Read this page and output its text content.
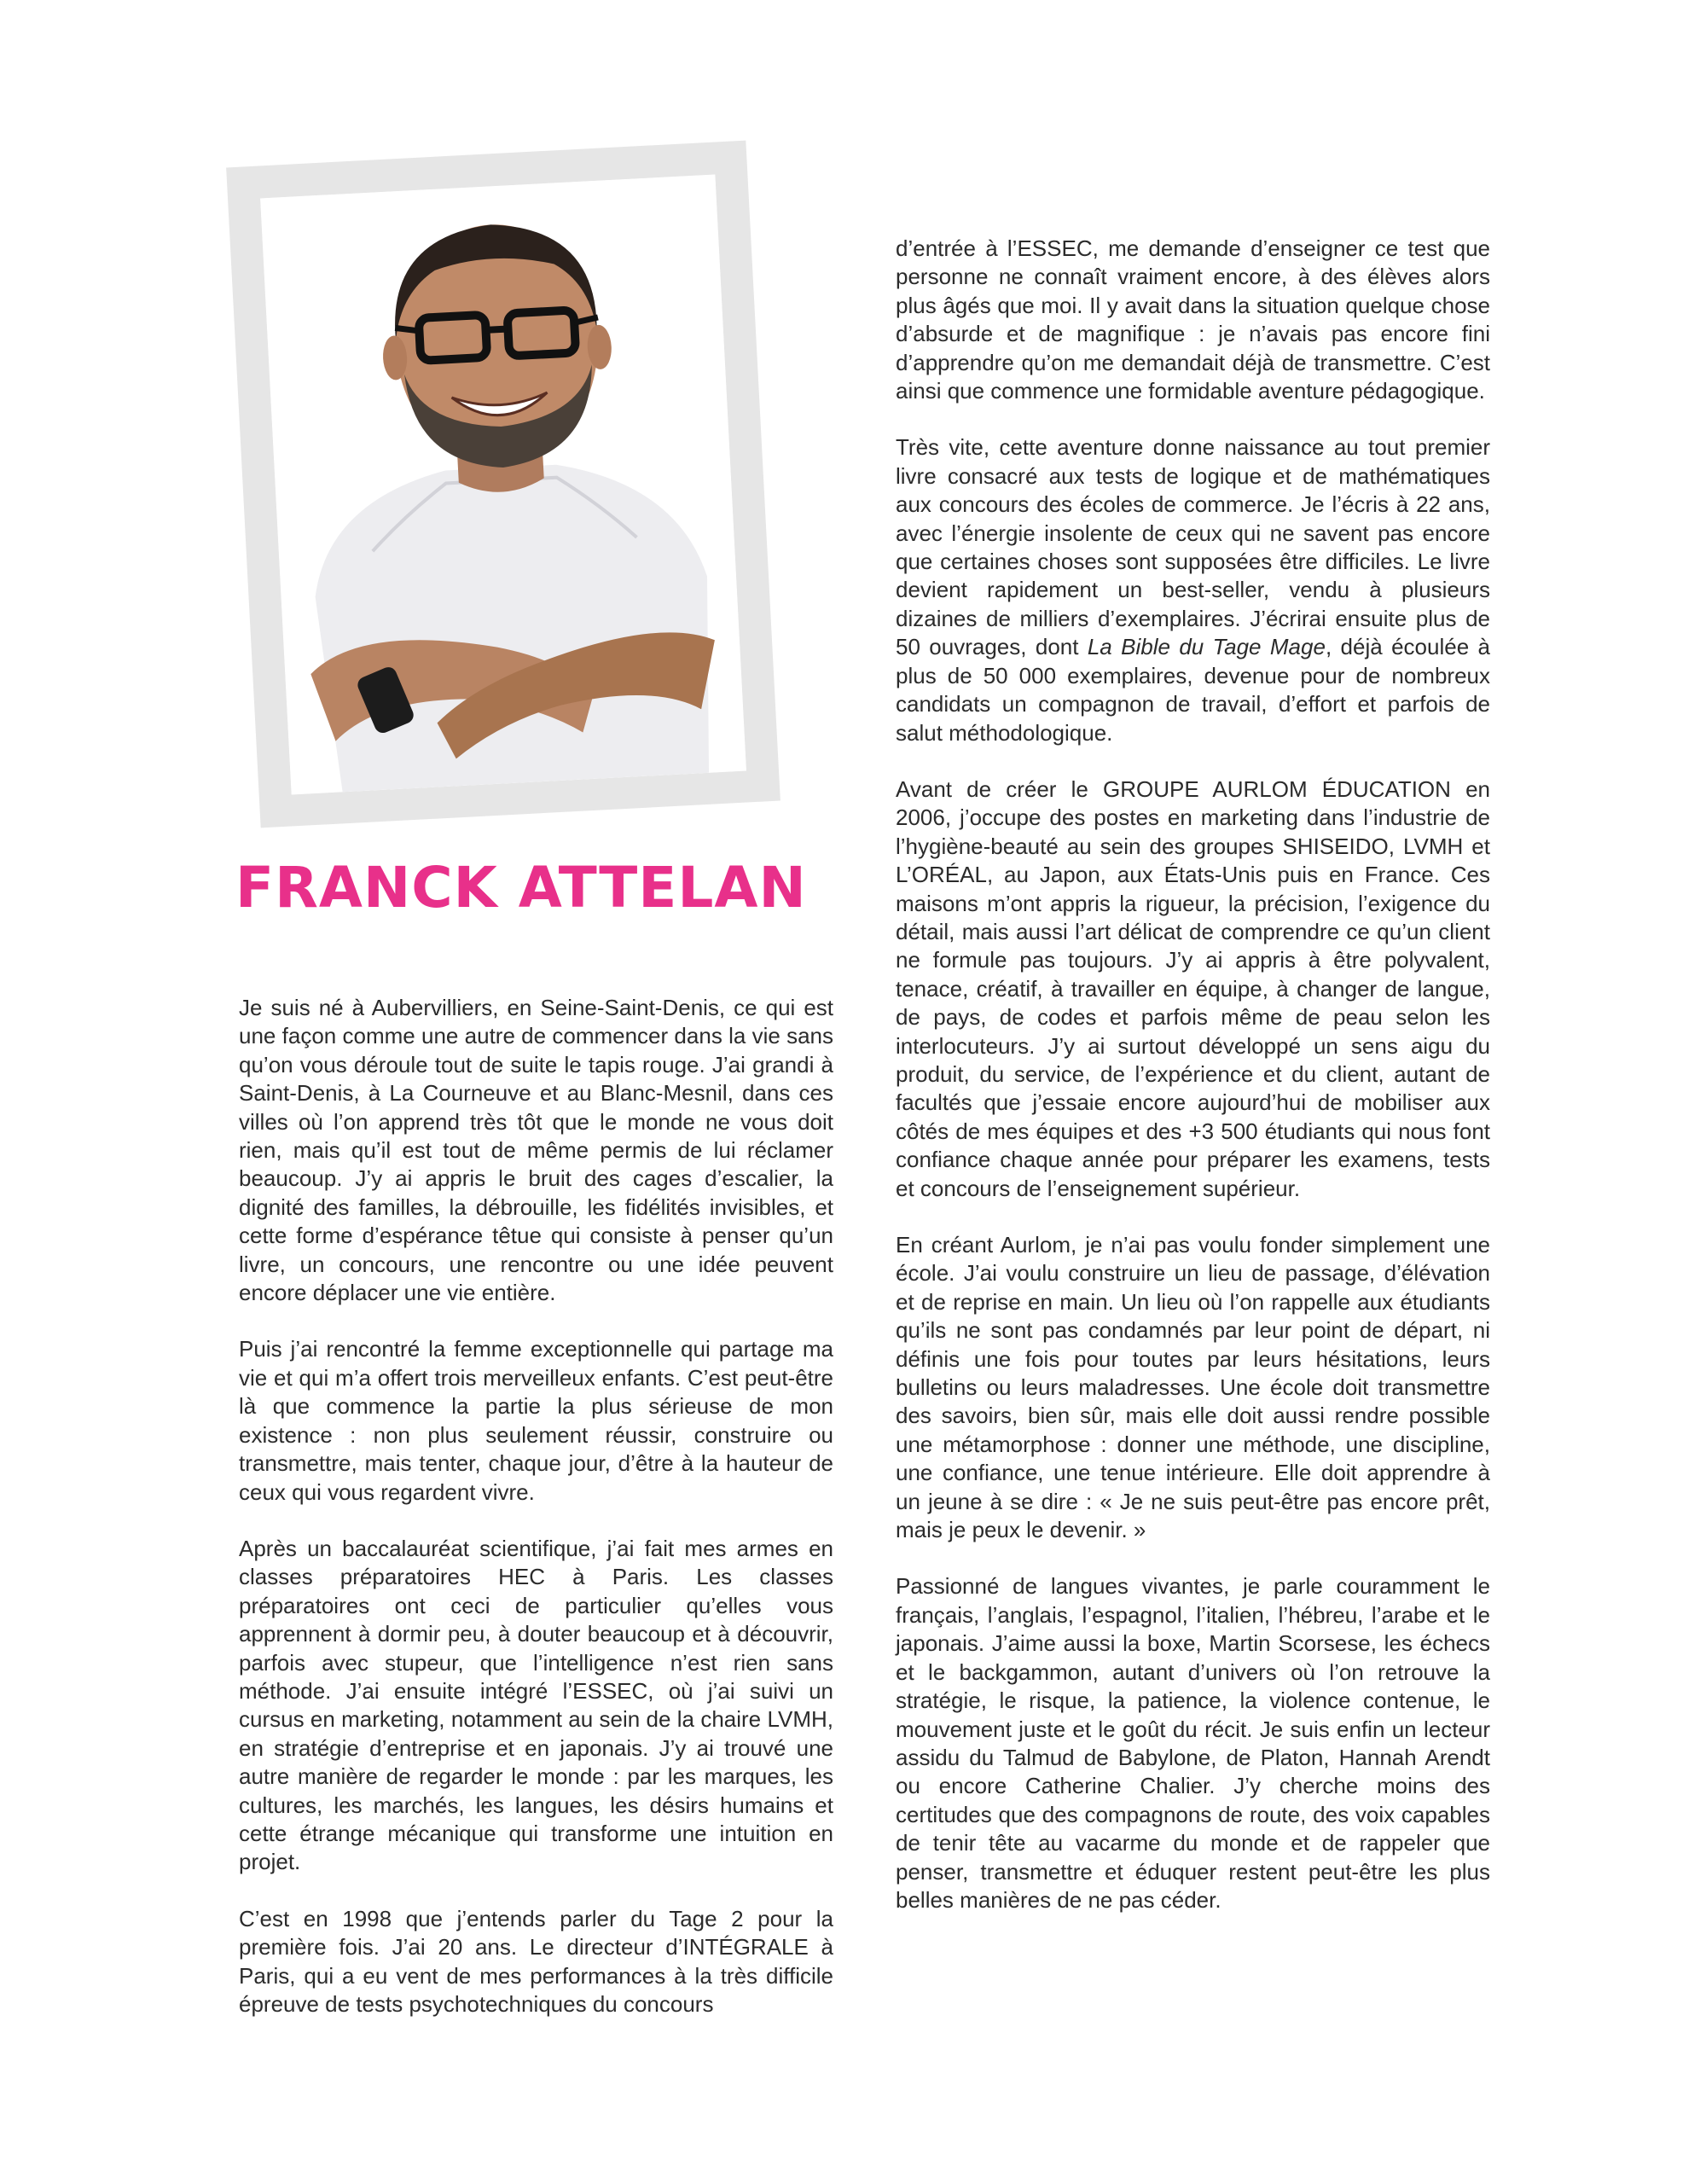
FRANCK ATTELAN

Je suis né à Aubervilliers, en Seine-Saint-Denis, ce qui est une façon comme une autre de commencer dans la vie sans qu’on vous déroule tout de suite le tapis rouge. J’ai grandi à Saint-Denis, à La Courneuve et au Blanc-Mesnil, dans ces villes où l’on apprend très tôt que le monde ne vous doit rien, mais qu’il est tout de même permis de lui réclamer beaucoup. J’y ai appris le bruit des cages d’escalier, la dignité des familles, la débrouille, les fidélités invisibles, et cette forme d’espérance têtue qui consiste à penser qu’un livre, un concours, une rencontre ou une idée peuvent encore déplacer une vie entière.

Puis j’ai rencontré la femme exceptionnelle qui partage ma vie et qui m’a offert trois merveilleux enfants. C’est peut-être là que commence la partie la plus sérieuse de mon existence : non plus seulement réussir, construire ou transmettre, mais tenter, chaque jour, d’être à la hauteur de ceux qui vous regardent vivre.

Après un baccalauréat scientifique, j’ai fait mes armes en classes préparatoires HEC à Paris. Les classes préparatoires ont ceci de particulier qu’elles vous apprennent à dormir peu, à douter beaucoup et à découvrir, parfois avec stupeur, que l’intelligence n’est rien sans méthode. J’ai ensuite intégré l’ESSEC, où j’ai suivi un cursus en marketing, notamment au sein de la chaire LVMH, en stratégie d’entreprise et en japonais. J’y ai trouvé une autre manière de regarder le monde : par les marques, les cultures, les marchés, les langues, les désirs humains et cette étrange mécanique qui transforme une intuition en projet.

C’est en 1998 que j’entends parler du Tage 2 pour la première fois. J’ai 20 ans. Le directeur d’INTÉGRALE à Paris, qui a eu vent de mes performances à la très difficile épreuve de tests psychotechniques du concours

d’entrée à l’ESSEC, me demande d’enseigner ce test que personne ne connaît vraiment encore, à des élèves alors plus âgés que moi. Il y avait dans la situation quelque chose d’absurde et de magnifique : je n’avais pas encore fini d’apprendre qu’on me demandait déjà de transmettre. C’est ainsi que commence une formidable aventure pédagogique.

Très vite, cette aventure donne naissance au tout premier livre consacré aux tests de logique et de mathématiques aux concours des écoles de commerce. Je l’écris à 22 ans, avec l’énergie insolente de ceux qui ne savent pas encore que certaines choses sont supposées être difficiles. Le livre devient rapidement un best-seller, vendu à plusieurs dizaines de milliers d’exemplaires. J’écrirai ensuite plus de 50 ouvrages, dont La Bible du Tage Mage, déjà écoulée à plus de 50 000 exemplaires, devenue pour de nombreux candidats un compagnon de travail, d’effort et parfois de salut méthodologique.

Avant de créer le GROUPE AURLOM ÉDUCATION en 2006, j’occupe des postes en marketing dans l’industrie de l’hygiène-beauté au sein des groupes SHISEIDO, LVMH et L’ORÉAL, au Japon, aux États-Unis puis en France. Ces maisons m’ont appris la rigueur, la précision, l’exigence du détail, mais aussi l’art délicat de comprendre ce qu’un client ne formule pas toujours. J’y ai appris à être polyvalent, tenace, créatif, à travailler en équipe, à changer de langue, de pays, de codes et parfois même de peau selon les interlocuteurs. J’y ai surtout développé un sens aigu du produit, du service, de l’expérience et du client, autant de facultés que j’essaie encore aujourd’hui de mobiliser aux côtés de mes équipes et des +3 500 étudiants qui nous font confiance chaque année pour préparer les examens, tests et concours de l’enseignement supérieur.

En créant Aurlom, je n’ai pas voulu fonder simplement une école. J’ai voulu construire un lieu de passage, d’élévation et de reprise en main. Un lieu où l’on rappelle aux étudiants qu’ils ne sont pas condamnés par leur point de départ, ni définis une fois pour toutes par leurs hésitations, leurs bulletins ou leurs maladresses. Une école doit transmettre des savoirs, bien sûr, mais elle doit aussi rendre possible une métamorphose : donner une méthode, une discipline, une confiance, une tenue intérieure. Elle doit apprendre à un jeune à se dire : « Je ne suis peut-être pas encore prêt, mais je peux le devenir. »

Passionné de langues vivantes, je parle couramment le français, l’anglais, l’espagnol, l’italien, l’hébreu, l’arabe et le japonais. J’aime aussi la boxe, Martin Scorsese, les échecs et le backgammon, autant d’univers où l’on retrouve la stratégie, le risque, la patience, la violence contenue, le mouvement juste et le goût du récit. Je suis enfin un lecteur assidu du Talmud de Babylone, de Platon, Hannah Arendt ou encore Catherine Chalier. J’y cherche moins des certitudes que des compagnons de route, des voix capables de tenir tête au vacarme du monde et de rappeler que penser, transmettre et éduquer restent peut-être les plus belles manières de ne pas céder.
